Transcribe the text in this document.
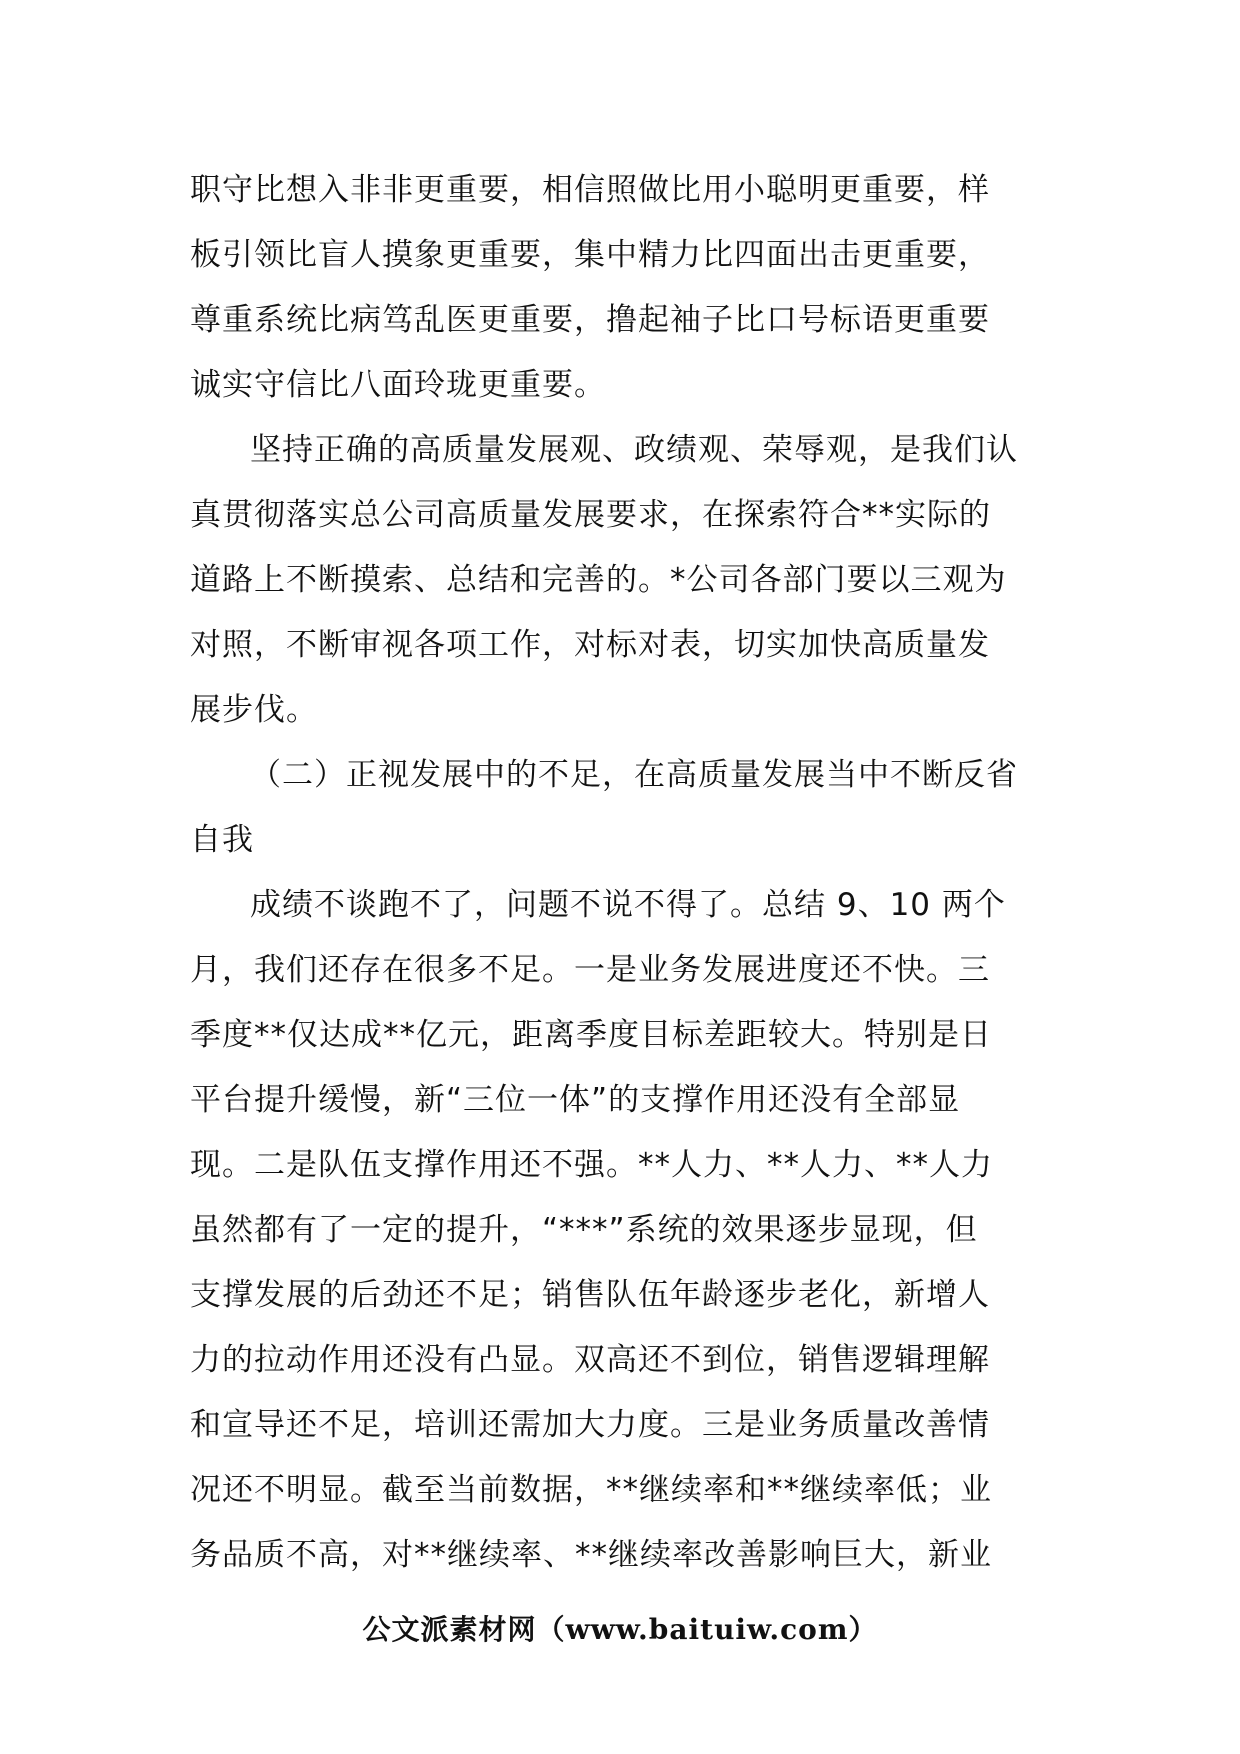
职守比想入非非更重要，相信照做比用小聪明更重要，样
板引领比盲人摸象更重要，集中精力比四面出击更重要，
尊重系统比病笃乱医更重要，撸起袖子比口号标语更重要
诚实守信比八面玲珑更重要。
坚持正确的高质量发展观、政绩观、荣辱观，是我们认
真贯彻落实总公司高质量发展要求，在探索符合**实际的
道路上不断摸索、总结和完善的。*公司各部门要以三观为
对照，不断审视各项工作，对标对表，切实加快高质量发
展步伐。
（二）正视发展中的不足，在高质量发展当中不断反省
自我
成绩不谈跑不了，问题不说不得了。总结 9、10 两个
月，我们还存在很多不足。一是业务发展进度还不快。三
季度**仅达成**亿元，距离季度目标差距较大。特别是日
平台提升缓慢，新“三位一体”的支撑作用还没有全部显
现。二是队伍支撑作用还不强。**人力、**人力、**人力
虽然都有了一定的提升，“***”系统的效果逐步显现，但
支撑发展的后劲还不足；销售队伍年龄逐步老化，新增人
力的拉动作用还没有凸显。双高还不到位，销售逻辑理解
和宣导还不足，培训还需加大力度。三是业务质量改善情
况还不明显。截至当前数据，**继续率和**继续率低；业
务品质不高，对**继续率、**继续率改善影响巨大，新业
公文派素材网（www.baituiw.com）
